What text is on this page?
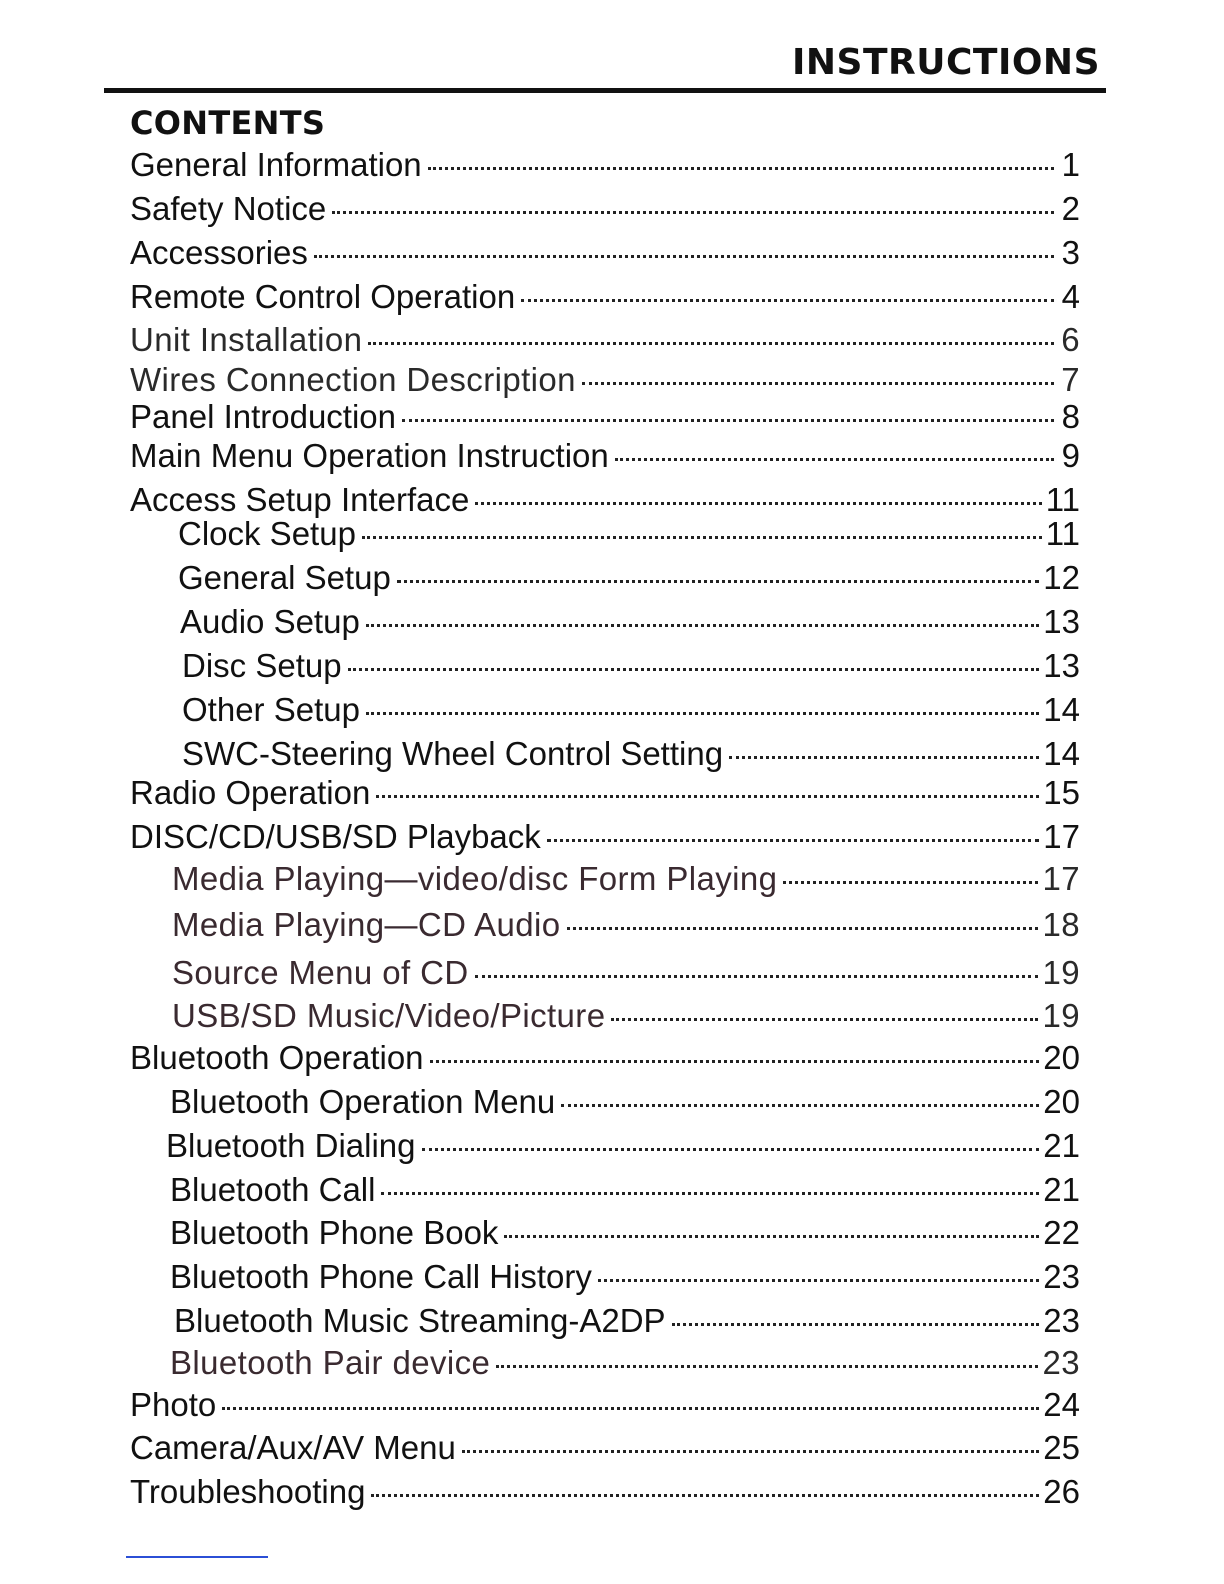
INSTRUCTIONS
CONTENTS
General Information	1
Safety Notice	2
Accessories	3
Remote Control Operation	4
Unit Installation	6
Wires Connection Description	7
Panel Introduction	8
Main Menu Operation Instruction	9
Access Setup Interface	11
Clock Setup	11
General Setup	12
Audio Setup	13
Disc Setup	13
Other Setup	14
SWC-Steering Wheel Control Setting	14
Radio Operation	15
DISC/CD/USB/SD Playback	17
Media Playing—video/disc Form Playing	17
Media Playing—CD Audio	18
Source Menu of CD	19
USB/SD Music/Video/Picture	19
Bluetooth Operation	20
Bluetooth Operation Menu	20
Bluetooth Dialing	21
Bluetooth Call	21
Bluetooth Phone Book	22
Bluetooth Phone Call History	23
Bluetooth Music Streaming-A2DP	23
Bluetooth Pair device	23
Photo	24
Camera/Aux/AV Menu	25
Troubleshooting	26
